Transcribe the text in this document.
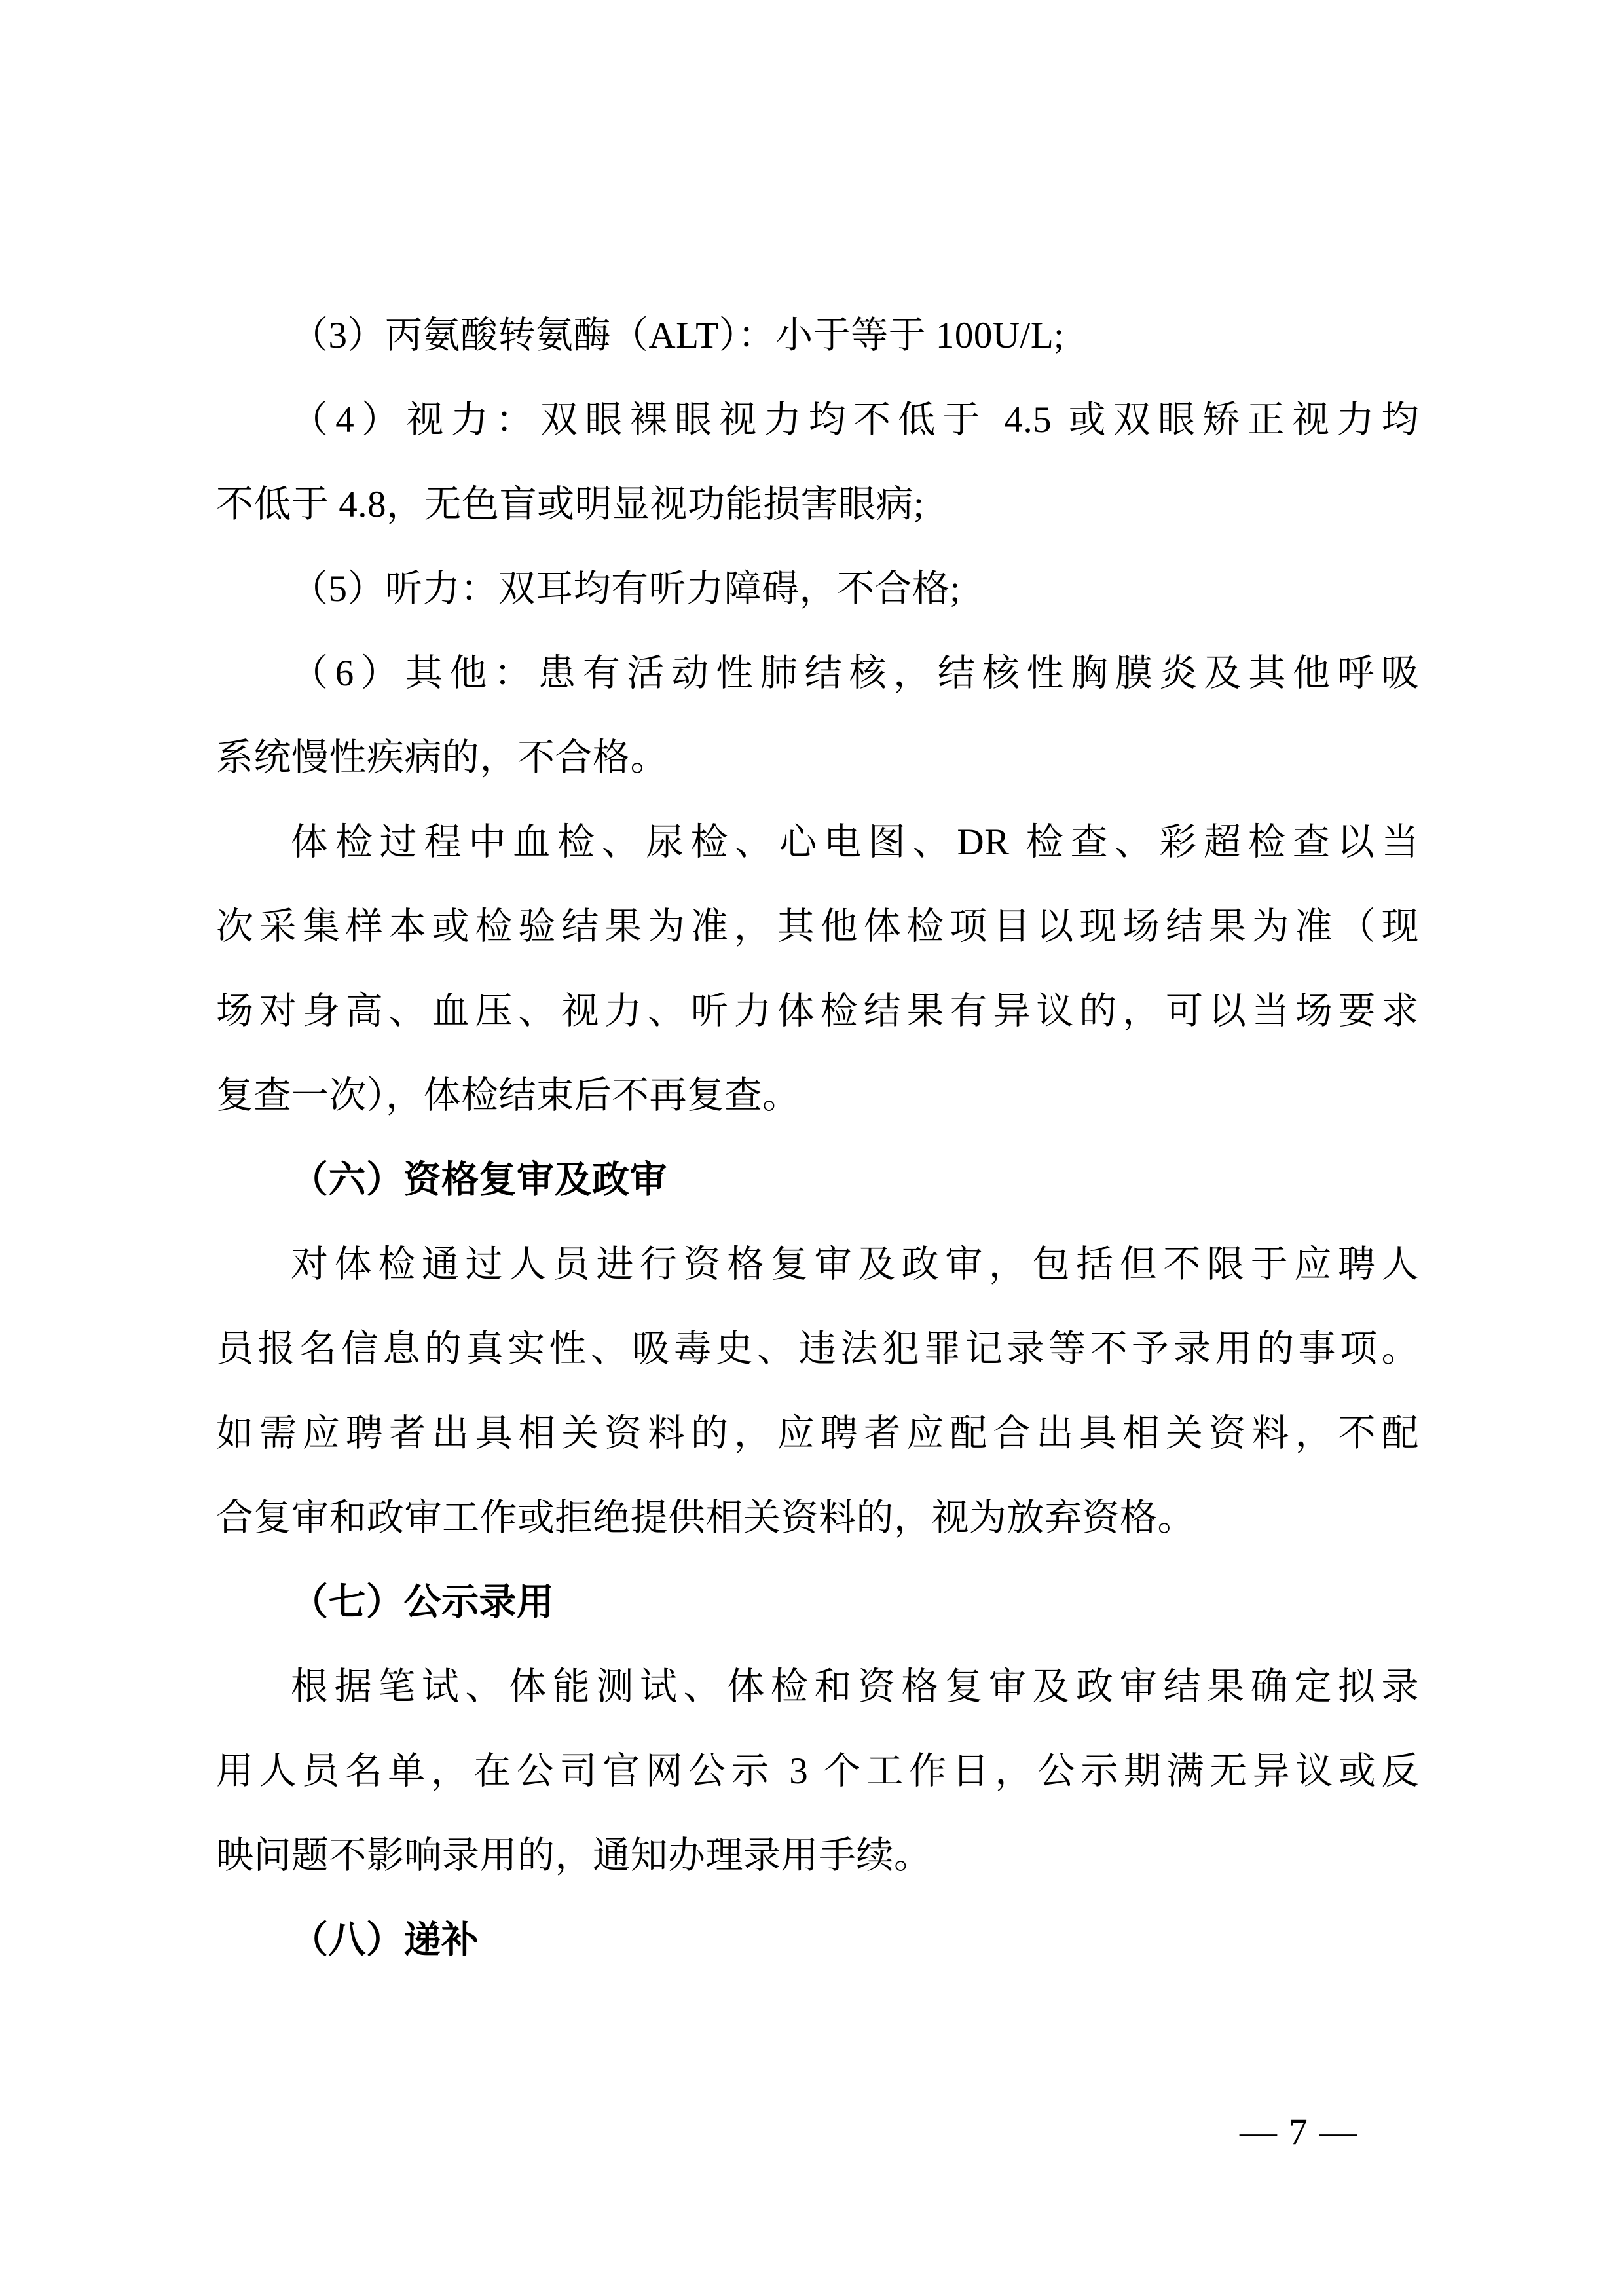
（3）丙氨酸转氨酶（ALT）：小于等于 100U/L;
（4）视力：双眼裸眼视力均不低于 4.5 或双眼矫正视力均
不低于 4.8，无色盲或明显视功能损害眼病;
（5）听力：双耳均有听力障碍，不合格;
（6）其他：患有活动性肺结核，结核性胸膜炎及其他呼吸
系统慢性疾病的，不合格。
体检过程中血检、尿检、心电图、DR 检查、彩超检查以当
次采集样本或检验结果为准，其他体检项目以现场结果为准（现
场对身高、血压、视力、听力体检结果有异议的，可以当场要求
复查一次），体检结束后不再复查。
（六）资格复审及政审
对体检通过人员进行资格复审及政审，包括但不限于应聘人
员报名信息的真实性、吸毒史、违法犯罪记录等不予录用的事项。
如需应聘者出具相关资料的，应聘者应配合出具相关资料，不配
合复审和政审工作或拒绝提供相关资料的，视为放弃资格。
（七）公示录用
根据笔试、体能测试、体检和资格复审及政审结果确定拟录
用人员名单，在公司官网公示 3 个工作日，公示期满无异议或反
映问题不影响录用的，通知办理录用手续。
（八）递补
— 7 —
